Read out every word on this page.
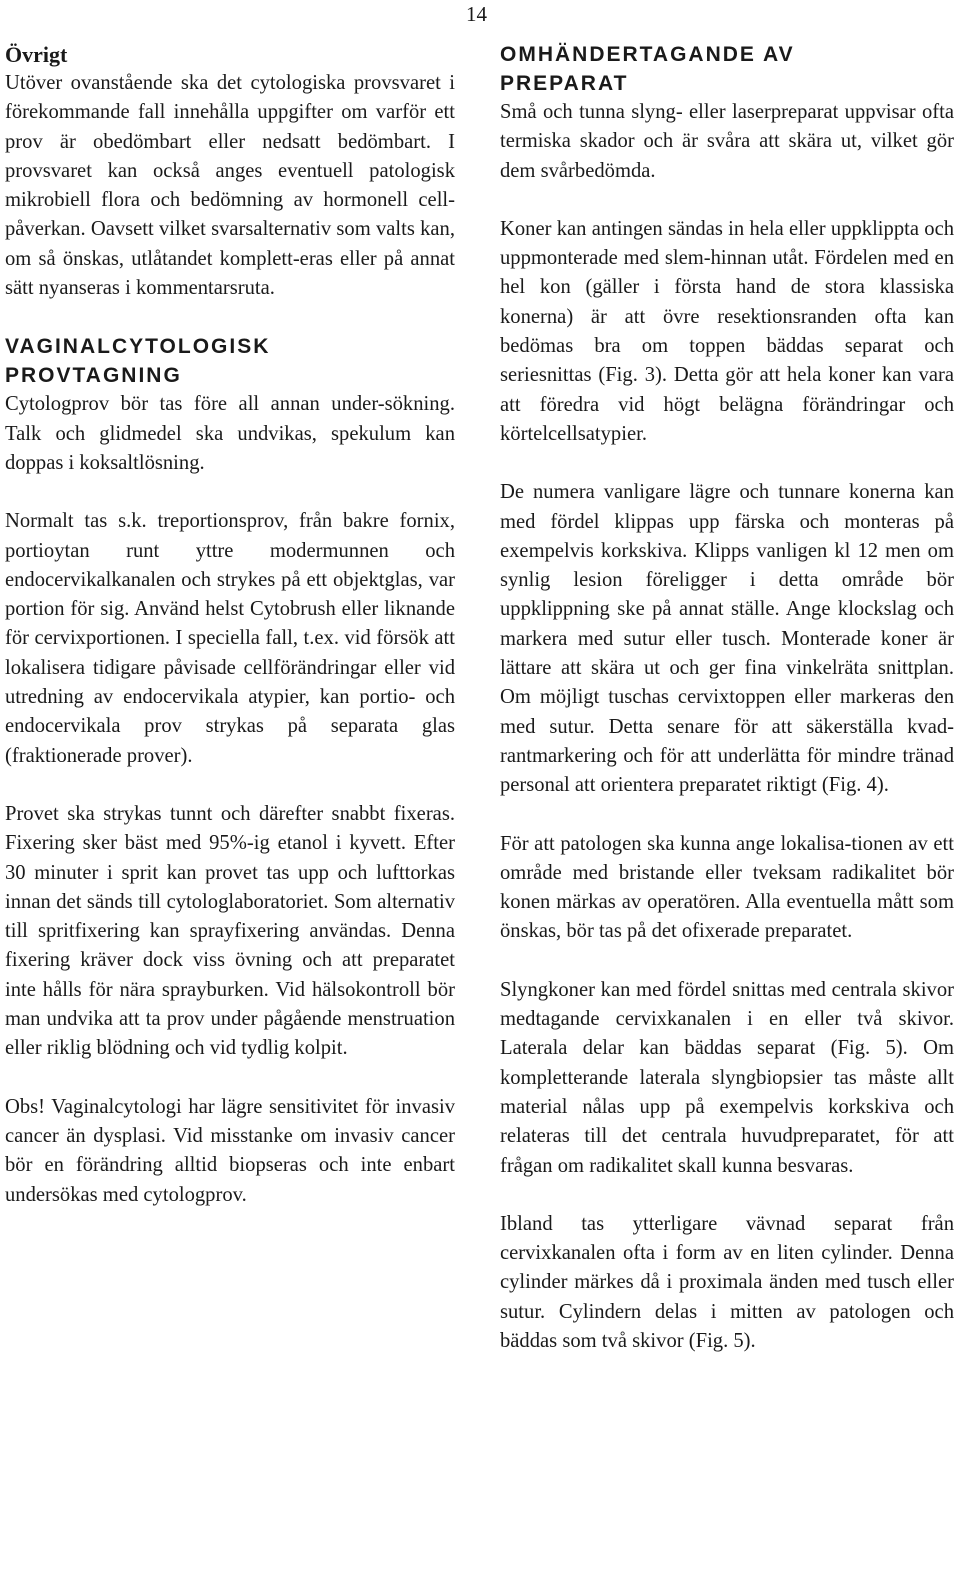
14
Övrigt

Utöver ovanstående ska det cytologiska provsvaret i förekommande fall innehålla uppgifter om varför ett prov är obedömbart eller nedsatt bedömbart. I provsvaret kan också anges eventuell patologisk mikrobiell flora och bedömning av hormonell cell-påverkan. Oavsett vilket svarsalternativ som valts kan, om så önskas, utlåtandet komplett-eras eller på annat sätt nyanseras i kommentarsruta.

VAGINALCYTOLOGISK
PROVTAGNING

Cytologprov bör tas före all annan under-sökning. Talk och glidmedel ska undvikas, spekulum kan doppas i koksaltlösning.

Normalt tas s.k. treportionsprov, från bakre fornix, portioytan runt yttre modermunnen och endocervikalkanalen och strykes på ett objektglas, var portion för sig. Använd helst Cytobrush eller liknande för cervixportionen. I speciella fall, t.ex. vid försök att lokalisera tidigare påvisade cellförändringar eller vid utredning av endocervikala atypier, kan portio- och endocervikala prov strykas på separata glas (fraktionerade prover).

Provet ska strykas tunnt och därefter snabbt fixeras. Fixering sker bäst med 95%-ig etanol i kyvett. Efter 30 minuter i sprit kan provet tas upp och lufttorkas innan det sänds till cytologlaboratoriet. Som alternativ till spritfixering kan sprayfixering användas. Denna fixering kräver dock viss övning och att preparatet inte hålls för nära sprayburken. Vid hälsokontroll bör man undvika att ta prov under pågående menstruation eller riklig blödning och vid tydlig kolpit.

Obs! Vaginalcytologi har lägre sensitivitet för invasiv cancer än dysplasi. Vid misstanke om invasiv cancer bör en förändring alltid biopseras och inte enbart undersökas med cytologprov.

OMHÄNDERTAGANDE AV
PREPARAT

Små och tunna slyng- eller laserpreparat uppvisar ofta termiska skador och är svåra att skära ut, vilket gör dem svårbedömda.

Koner kan antingen sändas in hela eller uppklippta och uppmonterade med slem-hinnan utåt. Fördelen med en hel kon (gäller i första hand de stora klassiska konerna) är att övre resektionsranden ofta kan bedömas bra om toppen bäddas separat och seriesnittas (Fig. 3). Detta gör att hela koner kan vara att föredra vid högt belägna förändringar och körtelcellsatypier.

De numera vanligare lägre och tunnare konerna kan med fördel klippas upp färska och monteras på exempelvis korkskiva. Klipps vanligen kl 12 men om synlig lesion föreligger i detta område bör uppklippning ske på annat ställe. Ange klockslag och markera med sutur eller tusch. Monterade koner är lättare att skära ut och ger fina vinkelräta snittplan. Om möjligt tuschas cervixtoppen eller markeras den med sutur. Detta senare för att säkerställa kvad-rantmarkering och för att underlätta för mindre tränad personal att orientera preparatet riktigt (Fig. 4).

För att patologen ska kunna ange lokalisa-tionen av ett område med bristande eller tveksam radikalitet bör konen märkas av operatören. Alla eventuella mått som önskas, bör tas på det ofixerade preparatet.

Slyngkoner kan med fördel snittas med centrala skivor medtagande cervixkanalen i en eller två skivor. Laterala delar kan bäddas separat (Fig. 5). Om kompletterande laterala slyngbiopsier tas måste allt material nålas upp på exempelvis korkskiva och relateras till det centrala huvudpreparatet, för att frågan om radikalitet skall kunna besvaras.

Ibland tas ytterligare vävnad separat från cervixkanalen ofta i form av en liten cylinder. Denna cylinder märkes då i proximala änden med tusch eller sutur. Cylindern delas i mitten av patologen och bäddas som två skivor (Fig. 5).
